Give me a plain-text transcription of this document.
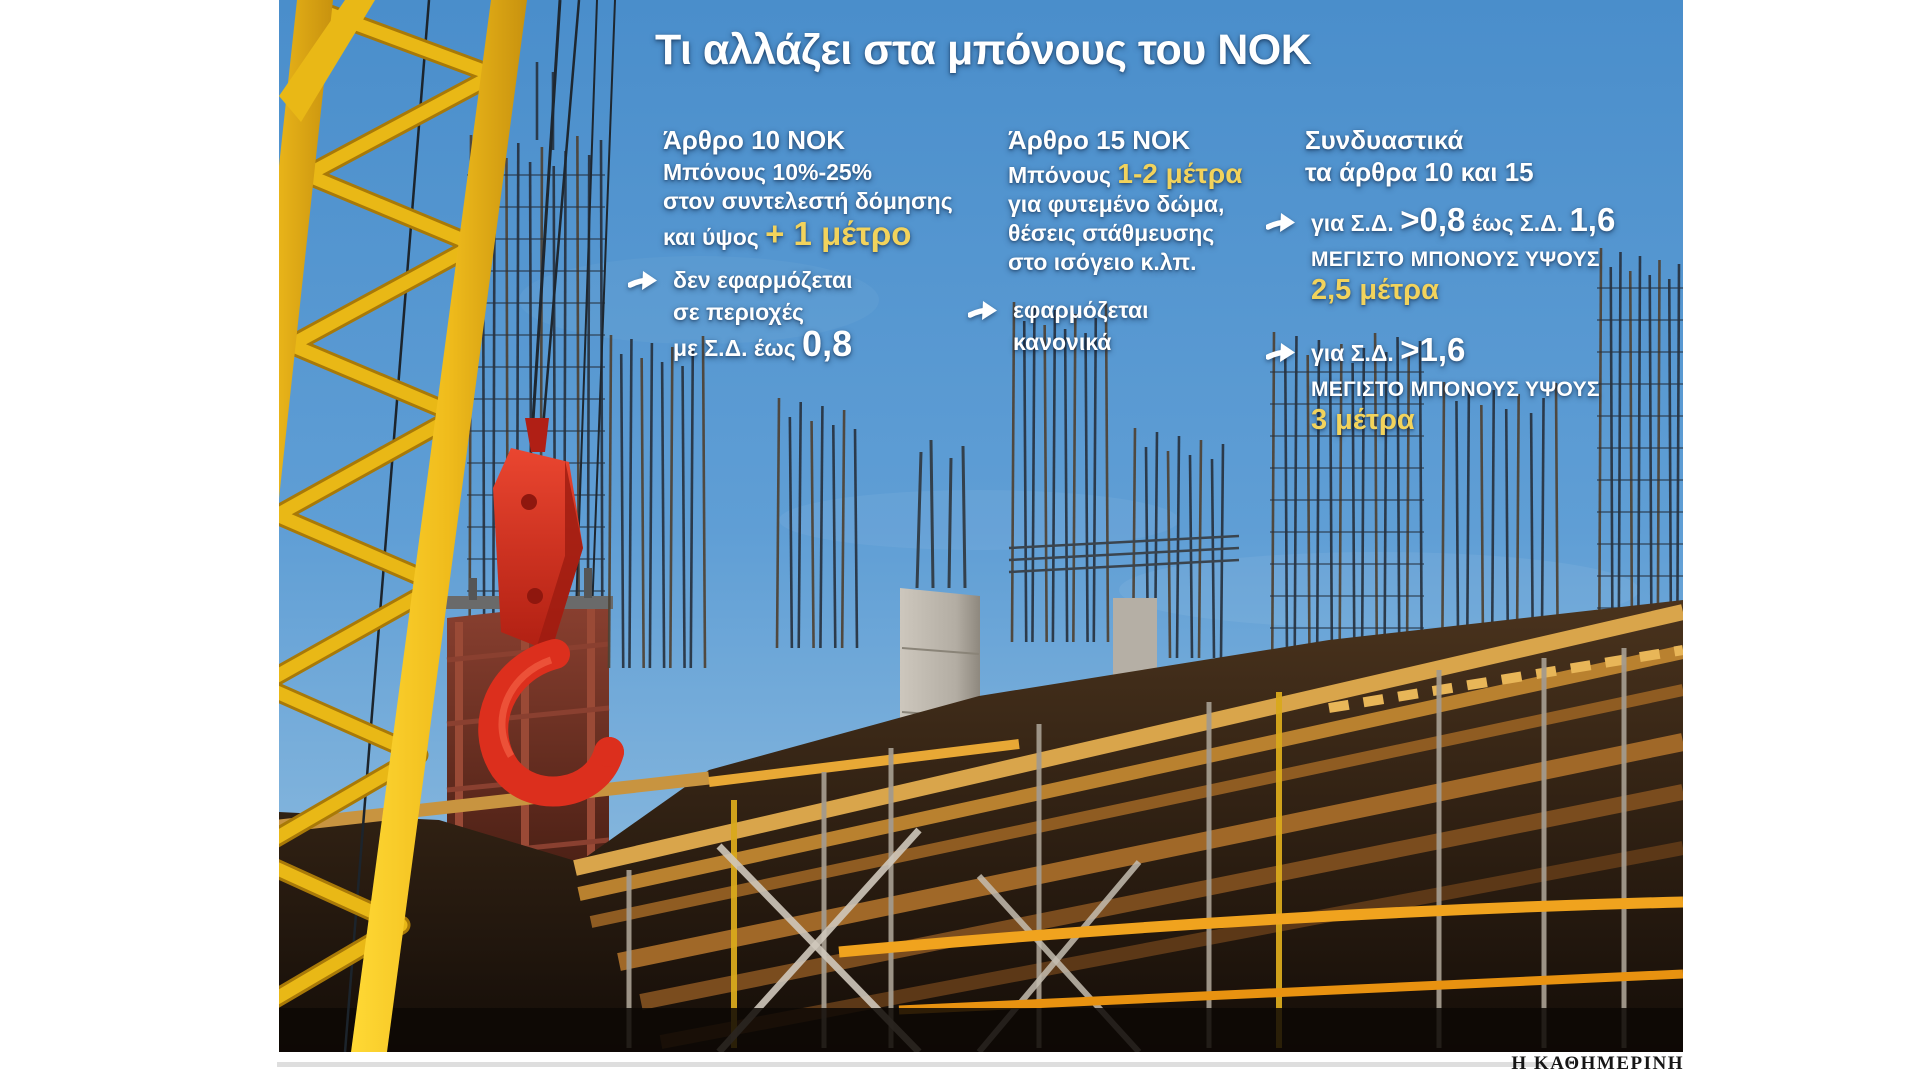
Τι αλλάζει στα μπόνους του ΝΟΚ
Άρθρο 10 ΝΟΚ
Μπόνους 10%-25%
στον συντελεστή δόμησης
και ύψος + 1 μέτρο
δεν εφαρμόζεται
σε περιοχές
με Σ.Δ. έως 0,8
Άρθρο 15 ΝΟΚ
Μπόνους 1-2 μέτρα
για φυτεμένο δώμα,
θέσεις στάθμευσης
στο ισόγειο κ.λπ.
εφαρμόζεται
κανονικά
Συνδυαστικά
τα άρθρα 10 και 15
για Σ.Δ. >0,8 έως Σ.Δ. 1,6
ΜΕΓΙΣΤΟ ΜΠΟΝΟΥΣ ΥΨΟΥΣ
2,5 μέτρα
για Σ.Δ. >1,6
ΜΕΓΙΣΤΟ ΜΠΟΝΟΥΣ ΥΨΟΥΣ
3 μέτρα
Η ΚΑΘΗΜΕΡΙΝΗ
